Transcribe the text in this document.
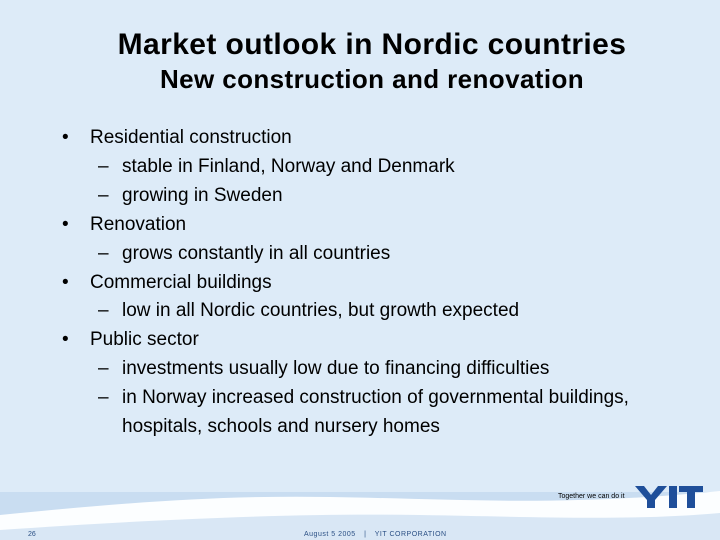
Market outlook in Nordic countries
New construction and renovation
• Residential construction
– stable in Finland, Norway and Denmark
– growing in Sweden
• Renovation
– grows constantly in all countries
• Commercial buildings
– low in all Nordic countries, but growth expected
• Public sector
– investments usually low due to financing difficulties
– in Norway increased construction of governmental buildings,
hospitals, schools and nursery homes
Together we can do it
26	August 5 2005 | YIT CORPORATION
